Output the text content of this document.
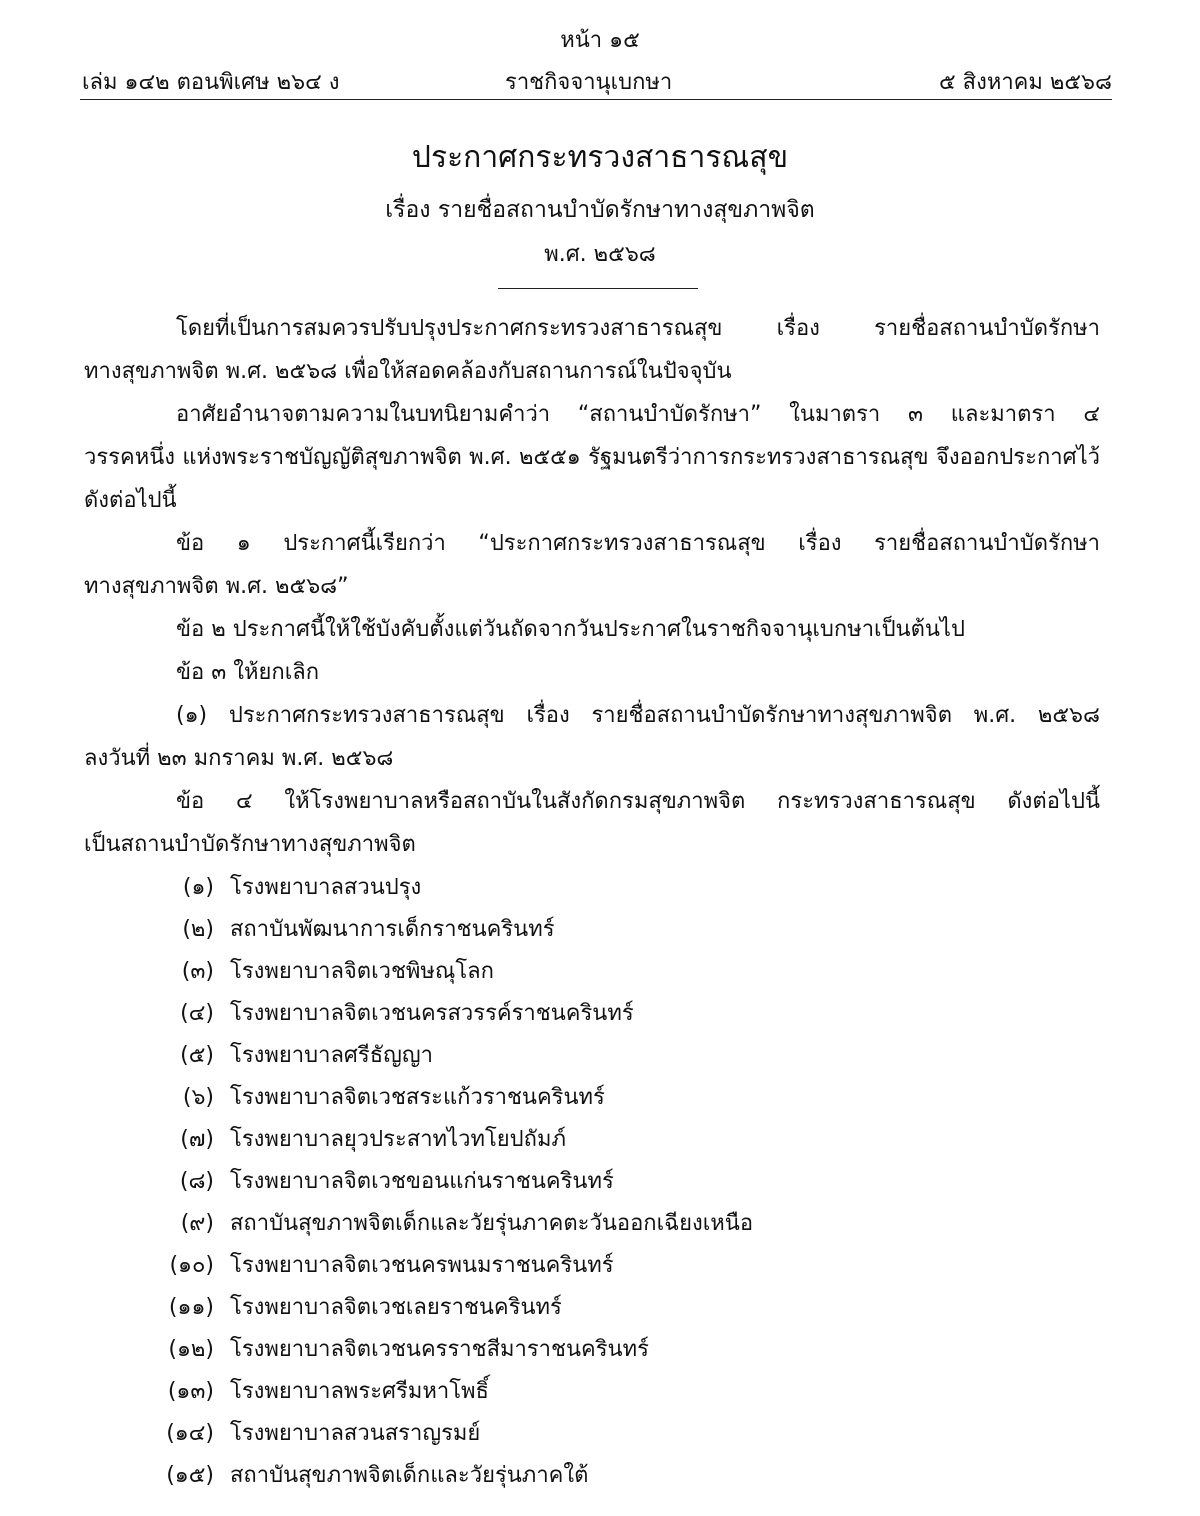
หน้า ๑๕
เล่ม ๑๔๒ ตอนพิเศษ ๒๖๔ ง	ราชกิจจานุเบกษา	๕ สิงหาคม ๒๕๖๘
ประกาศกระทรวงสาธารณสุข
เรื่อง รายชื่อสถานบำบัดรักษาทางสุขภาพจิต
พ.ศ. ๒๕๖๘
โดยที่เป็นการสมควรปรับปรุงประกาศกระทรวงสาธารณสุข เรื่อง รายชื่อสถานบำบัดรักษา
ทางสุขภาพจิต พ.ศ. ๒๕๖๘ เพื่อให้สอดคล้องกับสถานการณ์ในปัจจุบัน
อาศัยอำนาจตามความในบทนิยามคำว่า “สถานบำบัดรักษา” ในมาตรา ๓ และมาตรา ๔
วรรคหนึ่ง แห่งพระราชบัญญัติสุขภาพจิต พ.ศ. ๒๕๕๑ รัฐมนตรีว่าการกระทรวงสาธารณสุข จึงออกประกาศไว้
ดังต่อไปนี้
ข้อ ๑ ประกาศนี้เรียกว่า “ประกาศกระทรวงสาธารณสุข เรื่อง รายชื่อสถานบำบัดรักษา
ทางสุขภาพจิต พ.ศ. ๒๕๖๘”
ข้อ ๒ ประกาศนี้ให้ใช้บังคับตั้งแต่วันถัดจากวันประกาศในราชกิจจานุเบกษาเป็นต้นไป
ข้อ ๓ ให้ยกเลิก
(๑) ประกาศกระทรวงสาธารณสุข เรื่อง รายชื่อสถานบำบัดรักษาทางสุขภาพจิต พ.ศ. ๒๕๖๘
ลงวันที่ ๒๓ มกราคม พ.ศ. ๒๕๖๘
ข้อ ๔ ให้โรงพยาบาลหรือสถาบันในสังกัดกรมสุขภาพจิต กระทรวงสาธารณสุข ดังต่อไปนี้
เป็นสถานบำบัดรักษาทางสุขภาพจิต
(๑) โรงพยาบาลสวนปรุง
(๒) สถาบันพัฒนาการเด็กราชนครินทร์
(๓) โรงพยาบาลจิตเวชพิษณุโลก
(๔) โรงพยาบาลจิตเวชนครสวรรค์ราชนครินทร์
(๕) โรงพยาบาลศรีธัญญา
(๖) โรงพยาบาลจิตเวชสระแก้วราชนครินทร์
(๗) โรงพยาบาลยุวประสาทไวทโยปถัมภ์
(๘) โรงพยาบาลจิตเวชขอนแก่นราชนครินทร์
(๙) สถาบันสุขภาพจิตเด็กและวัยรุ่นภาคตะวันออกเฉียงเหนือ
(๑๐) โรงพยาบาลจิตเวชนครพนมราชนครินทร์
(๑๑) โรงพยาบาลจิตเวชเลยราชนครินทร์
(๑๒) โรงพยาบาลจิตเวชนครราชสีมาราชนครินทร์
(๑๓) โรงพยาบาลพระศรีมหาโพธิ์
(๑๔) โรงพยาบาลสวนสราญรมย์
(๑๕) สถาบันสุขภาพจิตเด็กและวัยรุ่นภาคใต้
